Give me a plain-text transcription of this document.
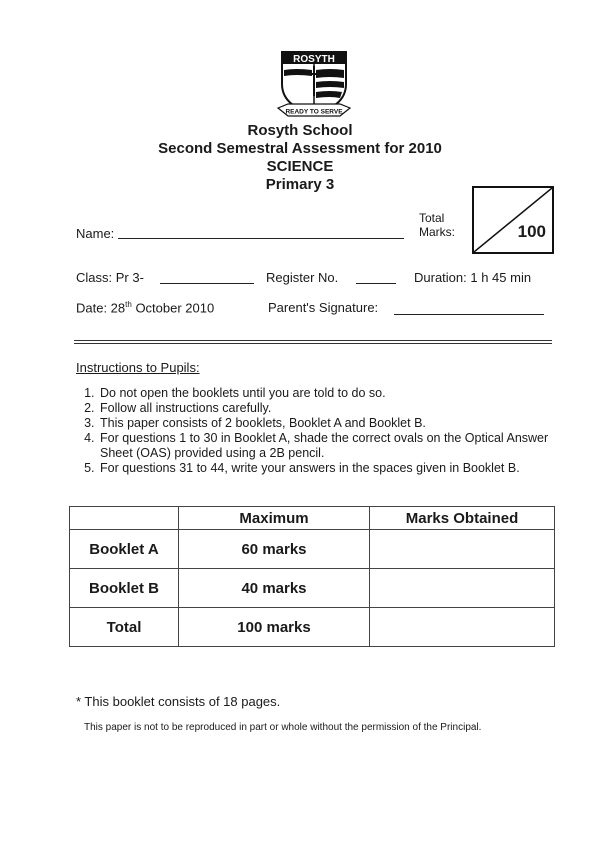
ROSYTH
READY TO SERVE
Rosyth School
Second Semestral Assessment for 2010
SCIENCE
Primary 3
Name:
Total
Marks:	100
Class: Pr 3-	Register No.	Duration: 1 h 45 min
Date: 28th October 2010	Parent's Signature:
Instructions to Pupils:
1. Do not open the booklets until you are told to do so.
2. Follow all instructions carefully.
3. This paper consists of 2 booklets, Booklet A and Booklet B.
4. For questions 1 to 30 in Booklet A, shade the correct ovals on the Optical Answer Sheet (OAS) provided using a 2B pencil.
5. For questions 31 to 44, write your answers in the spaces given in Booklet B.
	Maximum	Marks Obtained
Booklet A	60 marks	
Booklet B	40 marks	
Total	100 marks	
* This booklet consists of 18 pages.
This paper is not to be reproduced in part or whole without the permission of the Principal.
